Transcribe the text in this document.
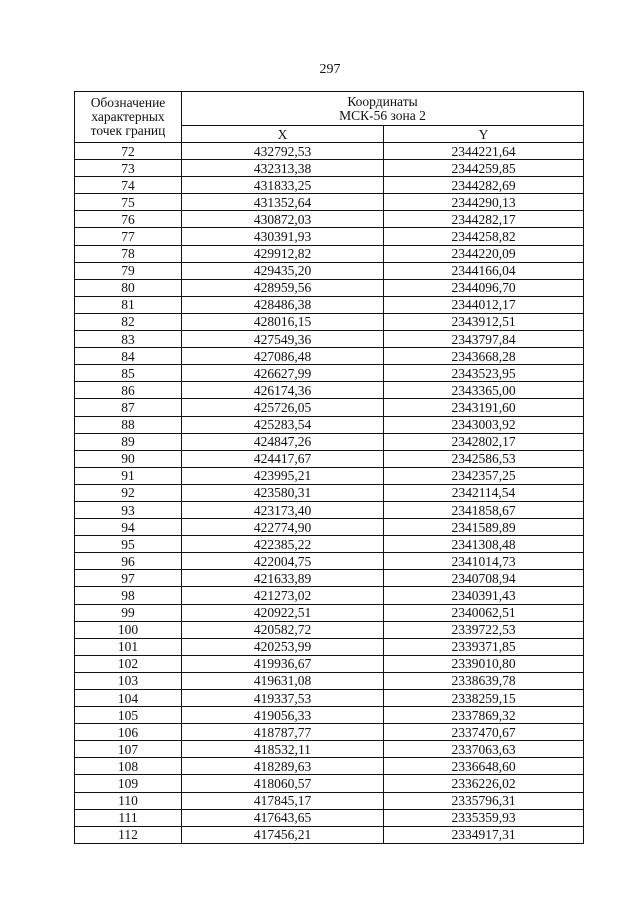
297
Обозначение
характерных
точек границ	Координаты
МСК-56 зона 2	

	X	Y
72	432792,53	2344221,64
73	432313,38	2344259,85
74	431833,25	2344282,69
75	431352,64	2344290,13
76	430872,03	2344282,17
77	430391,93	2344258,82
78	429912,82	2344220,09
79	429435,20	2344166,04
80	428959,56	2344096,70
81	428486,38	2344012,17
82	428016,15	2343912,51
83	427549,36	2343797,84
84	427086,48	2343668,28
85	426627,99	2343523,95
86	426174,36	2343365,00
87	425726,05	2343191,60
88	425283,54	2343003,92
89	424847,26	2342802,17
90	424417,67	2342586,53
91	423995,21	2342357,25
92	423580,31	2342114,54
93	423173,40	2341858,67
94	422774,90	2341589,89
95	422385,22	2341308,48
96	422004,75	2341014,73
97	421633,89	2340708,94
98	421273,02	2340391,43
99	420922,51	2340062,51
100	420582,72	2339722,53
101	420253,99	2339371,85
102	419936,67	2339010,80
103	419631,08	2338639,78
104	419337,53	2338259,15
105	419056,33	2337869,32
106	418787,77	2337470,67
107	418532,11	2337063,63
108	418289,63	2336648,60
109	418060,57	2336226,02
110	417845,17	2335796,31
111	417643,65	2335359,93
112	417456,21	2334917,31
